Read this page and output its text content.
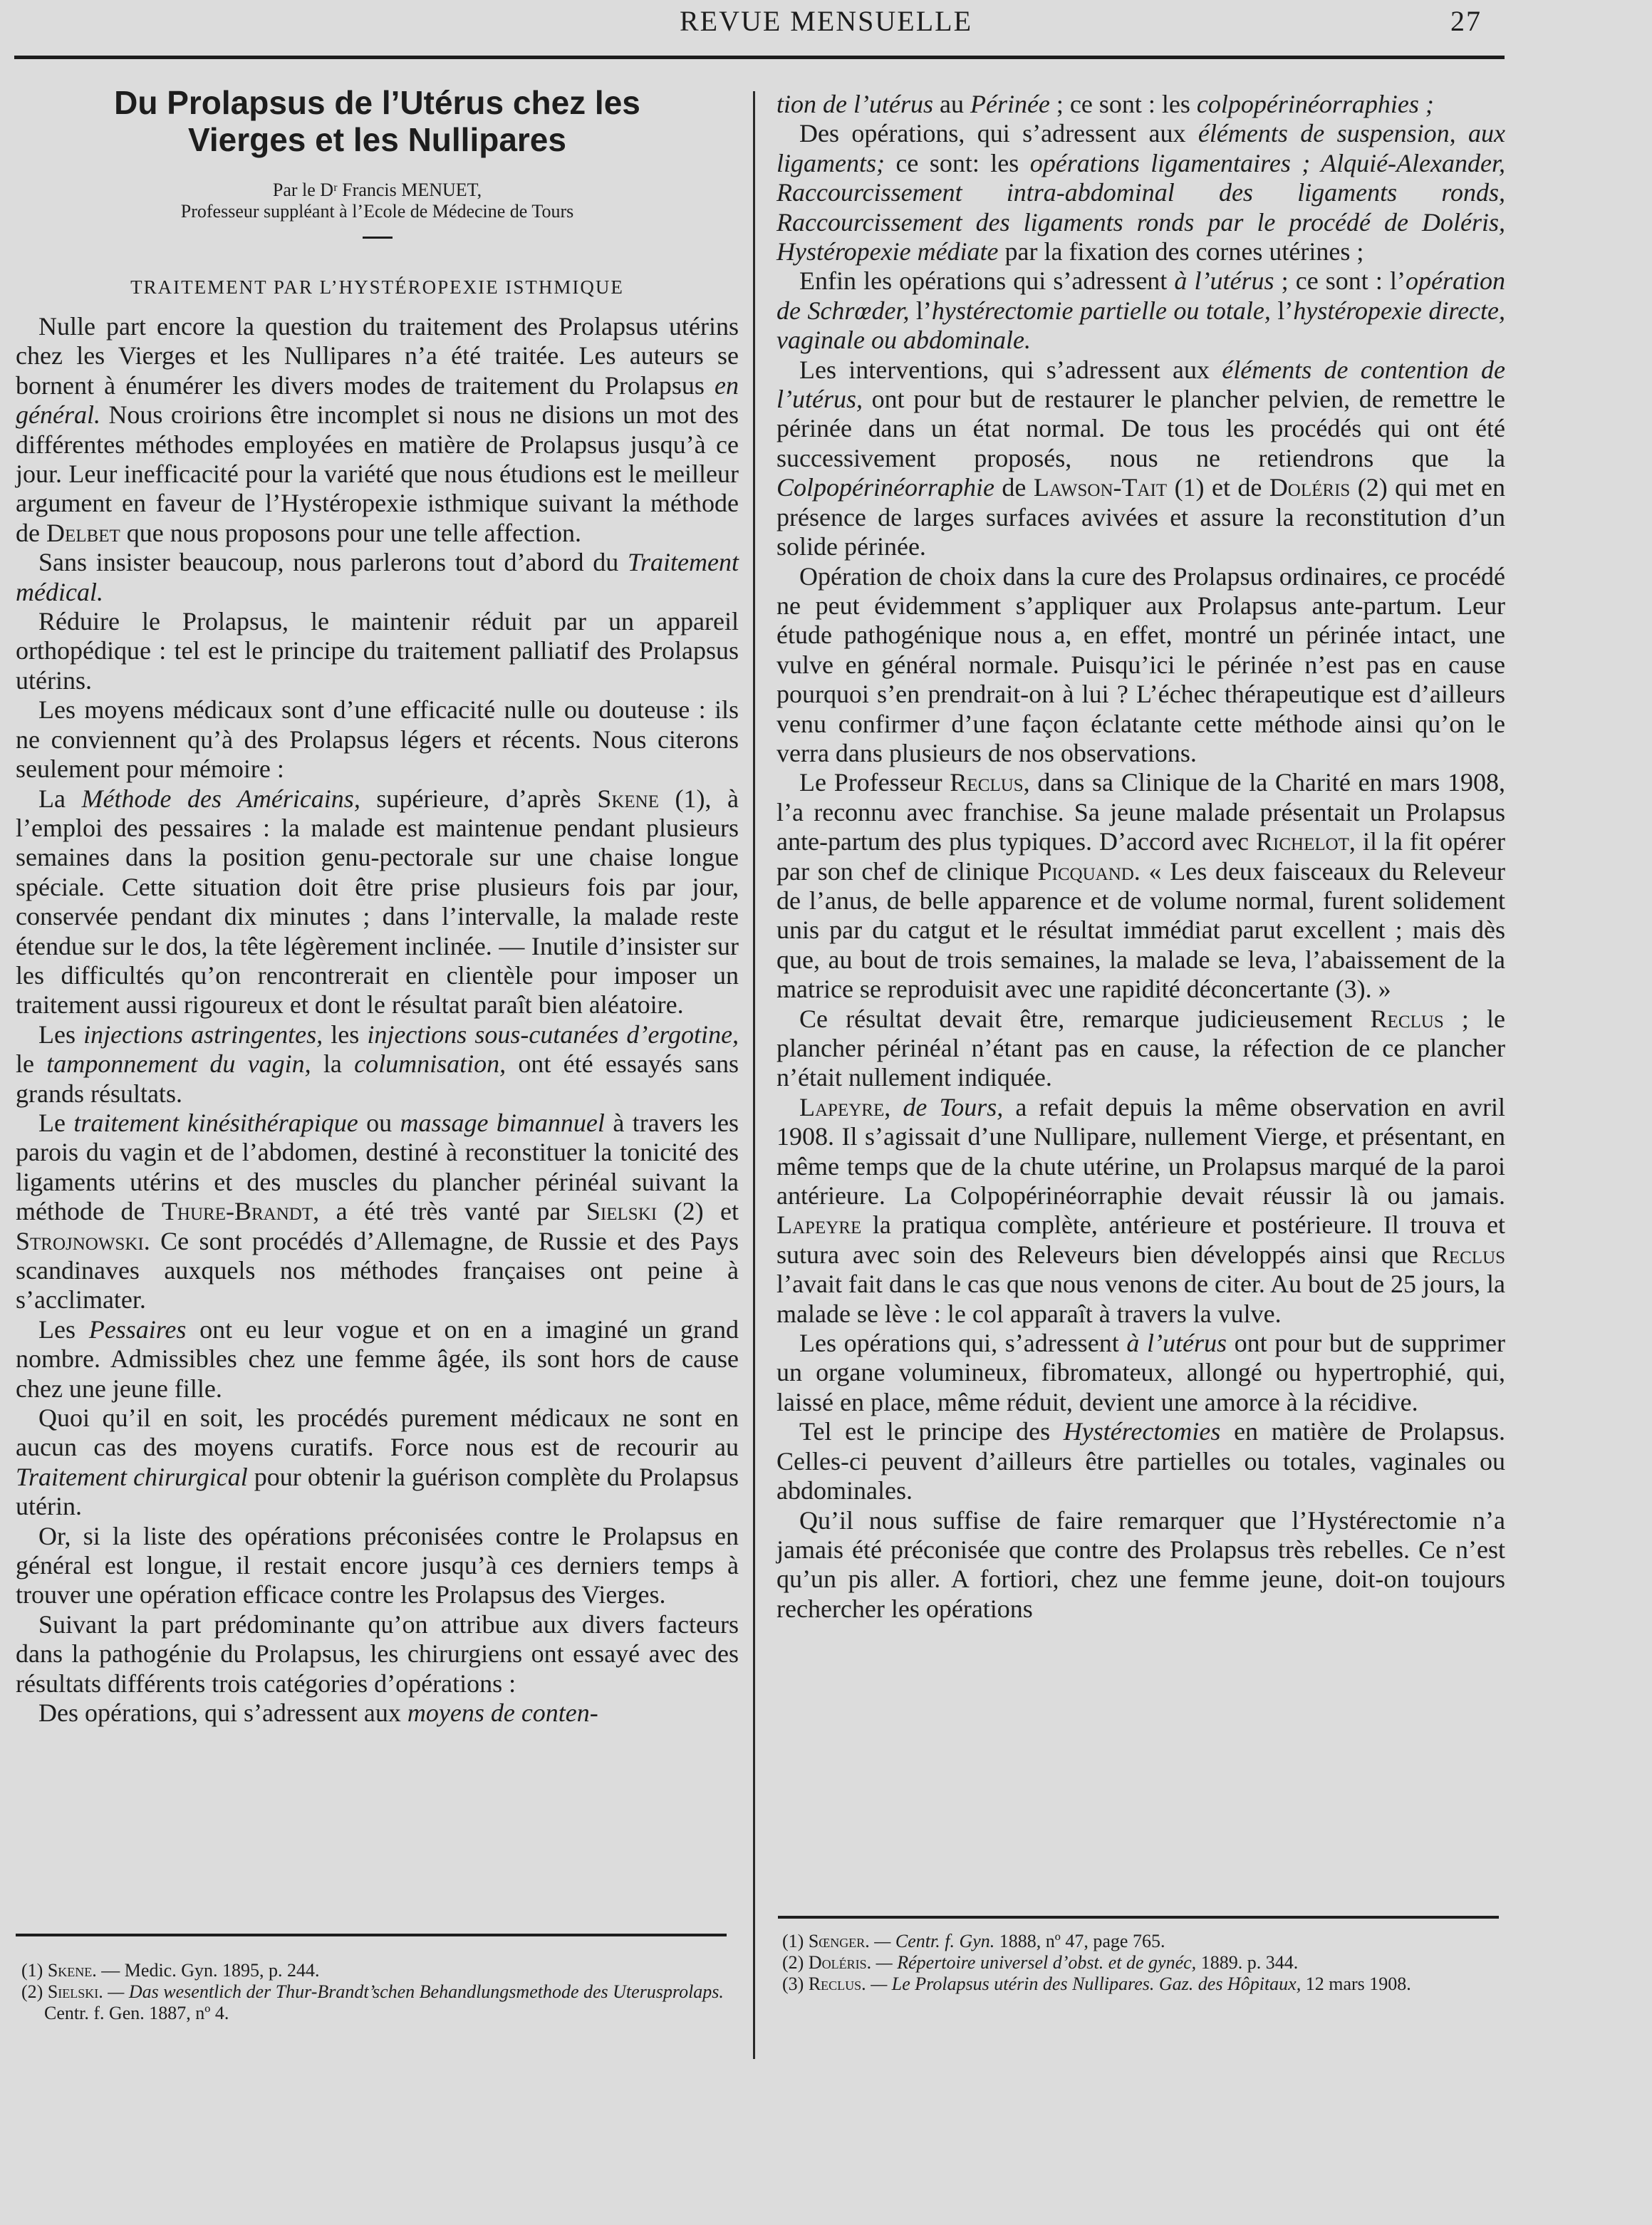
REVUE MENSUELLE	27
Du Prolapsus de l’Utérus chez les
Vierges et les Nullipares
Par le Dʳ Francis MENUET,
Professeur suppléant à l’Ecole de Médecine de Tours
TRAITEMENT PAR L’HYSTÉROPEXIE ISTHMIQUE

Nulle part encore la question du traitement des Prolapsus utérins chez les Vierges et les Nullipares n’a été traitée. Les auteurs se bornent à énumérer les divers modes de traitement du Prolapsus en général. Nous croirions être incomplet si nous ne disions un mot des différentes méthodes employées en matière de Prolapsus jusqu’à ce jour. Leur inefficacité pour la variété que nous étudions est le meilleur argument en faveur de l’Hystéropexie isthmique suivant la méthode de Delbet que nous proposons pour une telle affection.

Sans insister beaucoup, nous parlerons tout d’abord du Traitement médical.

Réduire le Prolapsus, le maintenir réduit par un appareil orthopédique : tel est le principe du traitement palliatif des Prolapsus utérins.

Les moyens médicaux sont d’une efficacité nulle ou douteuse : ils ne conviennent qu’à des Prolapsus légers et récents. Nous citerons seulement pour mémoire :

La Méthode des Américains, supérieure, d’après Skene (1), à l’emploi des pessaires : la malade est maintenue pendant plusieurs semaines dans la position genu-pectorale sur une chaise longue spéciale. Cette situation doit être prise plusieurs fois par jour, conservée pendant dix minutes ; dans l’intervalle, la malade reste étendue sur le dos, la tête légèrement inclinée. — Inutile d’insister sur les difficultés qu’on rencontrerait en clientèle pour imposer un traitement aussi rigoureux et dont le résultat paraît bien aléatoire.

Les injections astringentes, les injections sous-cutanées d’ergotine, le tamponnement du vagin, la columnisation, ont été essayés sans grands résultats.

Le traitement kinésithérapique ou massage bimannuel à travers les parois du vagin et de l’abdomen, destiné à reconstituer la tonicité des ligaments utérins et des muscles du plancher périnéal suivant la méthode de Thure-Brandt, a été très vanté par Sielski (2) et Strojnowski. Ce sont procédés d’Allemagne, de Russie et des Pays scandinaves auxquels nos méthodes françaises ont peine à s’acclimater.

Les Pessaires ont eu leur vogue et on en a imaginé un grand nombre. Admissibles chez une femme âgée, ils sont hors de cause chez une jeune fille.

Quoi qu’il en soit, les procédés purement médicaux ne sont en aucun cas des moyens curatifs. Force nous est de recourir au Traitement chirurgical pour obtenir la guérison complète du Prolapsus utérin.

Or, si la liste des opérations préconisées contre le Prolapsus en général est longue, il restait encore jusqu’à ces derniers temps à trouver une opération efficace contre les Prolapsus des Vierges.

Suivant la part prédominante qu’on attribue aux divers facteurs dans la pathogénie du Prolapsus, les chirurgiens ont essayé avec des résultats différents trois catégories d’opérations :

Des opérations, qui s’adressent aux moyens de conten-

tion de l’utérus au Périnée ; ce sont : les colpopérinéorraphies ;

Des opérations, qui s’adressent aux éléments de suspension, aux ligaments; ce sont: les opérations ligamentaires ; Alquié-Alexander, Raccourcissement intra-abdominal des ligaments ronds, Raccourcissement des ligaments ronds par le procédé de Doléris, Hystéropexie médiate par la fixation des cornes utérines ;

Enfin les opérations qui s’adressent à l’utérus ; ce sont : l’opération de Schrœder, l’hystérectomie partielle ou totale, l’hystéropexie directe, vaginale ou abdominale.

Les interventions, qui s’adressent aux éléments de contention de l’utérus, ont pour but de restaurer le plancher pelvien, de remettre le périnée dans un état normal. De tous les procédés qui ont été successivement proposés, nous ne retiendrons que la Colpopérinéorraphie de Lawson-Tait (1) et de Doléris (2) qui met en présence de larges surfaces avivées et assure la reconstitution d’un solide périnée.

Opération de choix dans la cure des Prolapsus ordinaires, ce procédé ne peut évidemment s’appliquer aux Prolapsus ante-partum. Leur étude pathogénique nous a, en effet, montré un périnée intact, une vulve en général normale. Puisqu’ici le périnée n’est pas en cause pourquoi s’en prendrait-on à lui ? L’échec thérapeutique est d’ailleurs venu confirmer d’une façon éclatante cette méthode ainsi qu’on le verra dans plusieurs de nos observations.

Le Professeur Reclus, dans sa Clinique de la Charité en mars 1908, l’a reconnu avec franchise. Sa jeune malade présentait un Prolapsus ante-partum des plus typiques. D’accord avec Richelot, il la fit opérer par son chef de clinique Picquand. « Les deux faisceaux du Releveur de l’anus, de belle apparence et de volume normal, furent solidement unis par du catgut et le résultat immédiat parut excellent ; mais dès que, au bout de trois semaines, la malade se leva, l’abaissement de la matrice se reproduisit avec une rapidité déconcertante (3). »

Ce résultat devait être, remarque judicieusement Reclus ; le plancher périnéal n’étant pas en cause, la réfection de ce plancher n’était nullement indiquée.

Lapeyre, de Tours, a refait depuis la même observation en avril 1908. Il s’agissait d’une Nullipare, nullement Vierge, et présentant, en même temps que de la chute utérine, un Prolapsus marqué de la paroi antérieure. La Colpopérinéorraphie devait réussir là ou jamais. Lapeyre la pratiqua complète, antérieure et postérieure. Il trouva et sutura avec soin des Releveurs bien développés ainsi que Reclus l’avait fait dans le cas que nous venons de citer. Au bout de 25 jours, la malade se lève : le col apparaît à travers la vulve.

Les opérations qui, s’adressent à l’utérus ont pour but de supprimer un organe volumineux, fibromateux, allongé ou hypertrophié, qui, laissé en place, même réduit, devient une amorce à la récidive.

Tel est le principe des Hystérectomies en matière de Prolapsus. Celles-ci peuvent d’ailleurs être partielles ou totales, vaginales ou abdominales.

Qu’il nous suffise de faire remarquer que l’Hystérectomie n’a jamais été préconisée que contre des Prolapsus très rebelles. Ce n’est qu’un pis aller. A fortiori, chez une femme jeune, doit-on toujours rechercher les opérations

(1) Skene. — Medic. Gyn. 1895, p. 244.

(2) Sielski. — Das wesentlich der Thur-Brandt’schen Behandlungsmethode des Uterusprolaps. Centr. f. Gen. 1887, nº 4.

(1) Sœnger. — Centr. f. Gyn. 1888, nº 47, page 765.

(2) Doléris. — Répertoire universel d’obst. et de gynéc, 1889. p. 344.

(3) Reclus. — Le Prolapsus utérin des Nullipares. Gaz. des Hôpitaux, 12 mars 1908.
